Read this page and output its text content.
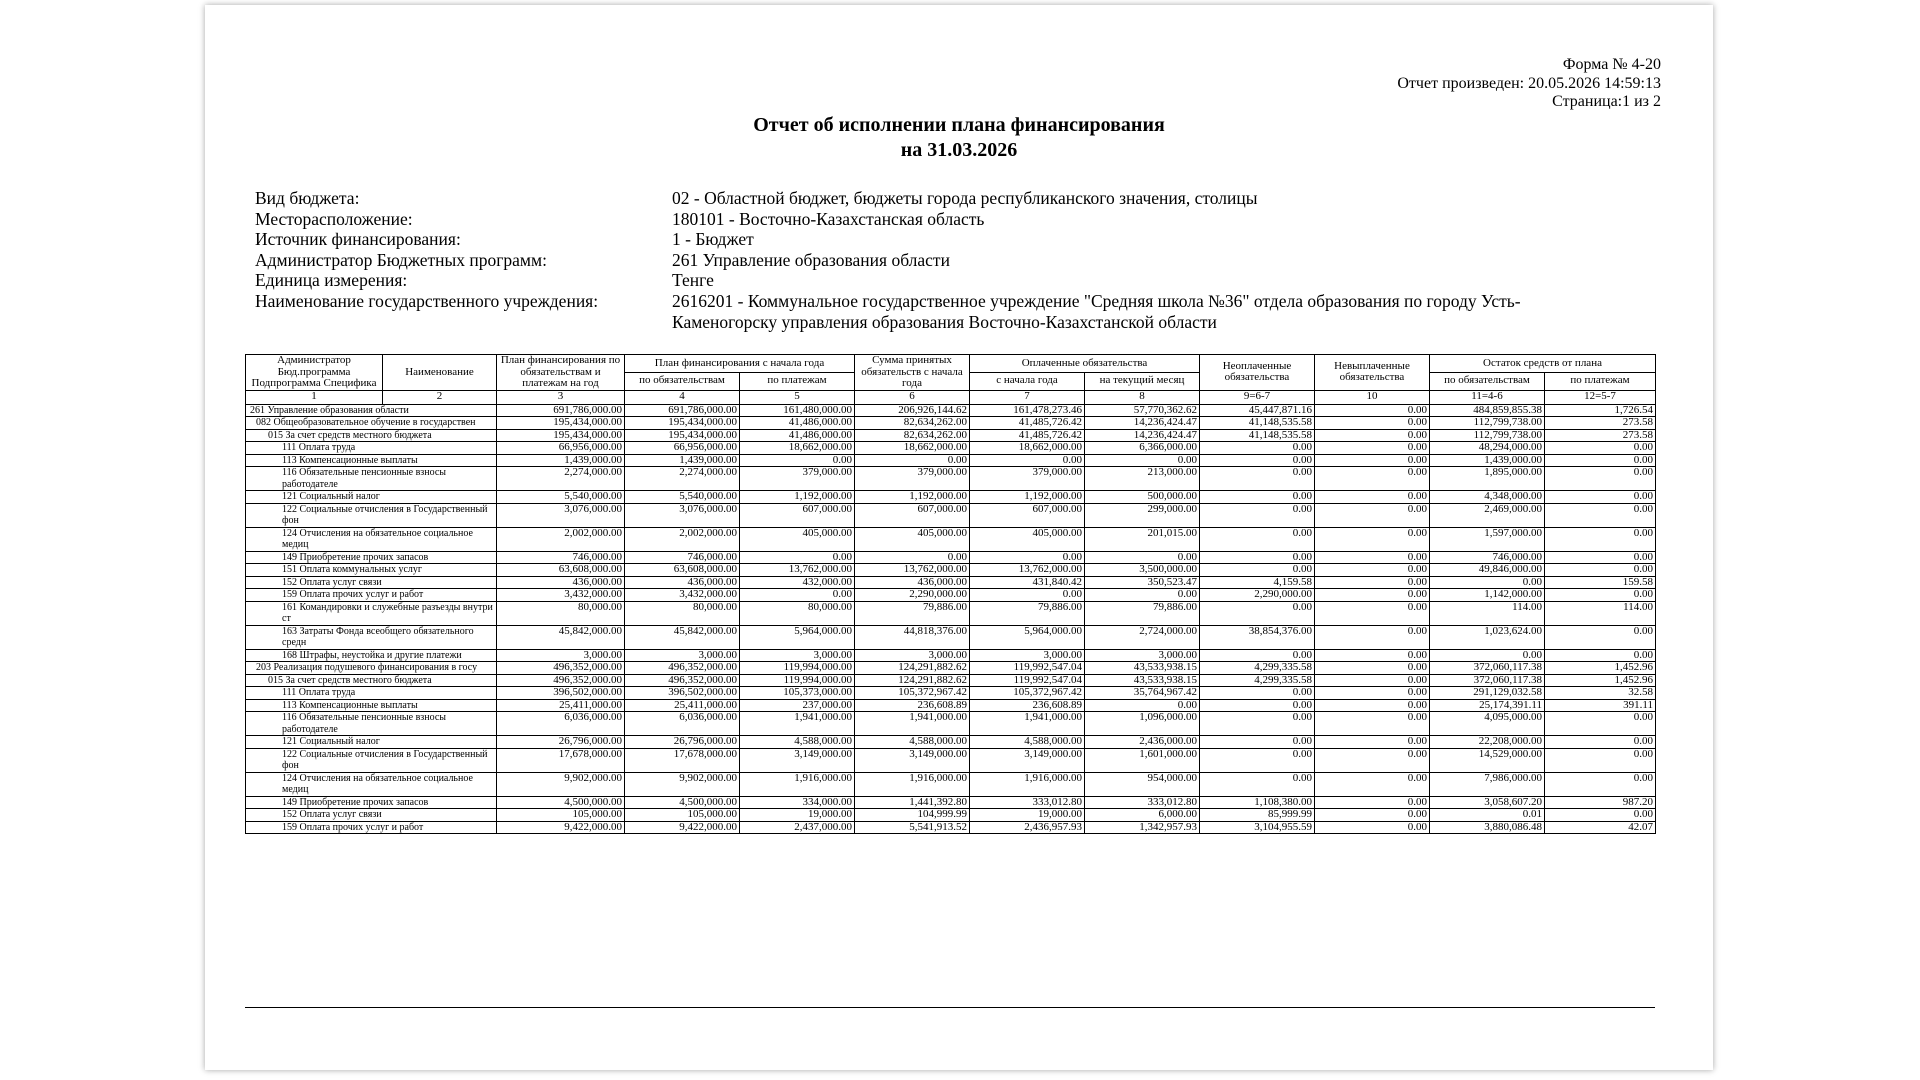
Форма № 4-20
Отчет произведен: 20.05.2026 14:59:13
Страница:1 из 2
Отчет об исполнении плана финансирования
на 31.03.2026
Вид бюджета:	02 - Областной бюджет, бюджеты города республиканского значения, столицы
Месторасположение:	180101 - Восточно-Казахстанская область
Источник финансирования:	1 - Бюджет
Администратор Бюджетных программ:	261 Управление образования области
Единица измерения:	Тенге
Наименование государственного учреждения:	2616201 - Коммунальное государственное учреждение "Средняя школа №36" отдела образования по городу Усть-Каменогорску управления образования Восточно-Казахстанской области
Администратор Бюд.программа Подпрограмма Специфика	Наименование	План финансирования по обязательствам и платежам на год	План финансирования с начала года		Сумма принятых обязательств с начала года	Оплаченные обязательства		Неоплаченные обязательства	Невыплаченные обязательства	Остаток средств от плана	
			по обязательствам	по платежам		с начала года	на текущий месяц			по обязательствам	по платежам
1	2	3	4	5	6	7	8	9=6-7	10	11=4-6	12=5-7
261 Управление образования области		691,786,000.00	691,786,000.00	161,480,000.00	206,926,144.62	161,478,273.46	57,770,362.62	45,447,871.16	0.00	484,859,855.38	1,726.54
082 Общеобразовательное обучение в государствен		195,434,000.00	195,434,000.00	41,486,000.00	82,634,262.00	41,485,726.42	14,236,424.47	41,148,535.58	0.00	112,799,738.00	273.58
015 За счет средств местного бюджета		195,434,000.00	195,434,000.00	41,486,000.00	82,634,262.00	41,485,726.42	14,236,424.47	41,148,535.58	0.00	112,799,738.00	273.58
111 Оплата труда		66,956,000.00	66,956,000.00	18,662,000.00	18,662,000.00	18,662,000.00	6,366,000.00	0.00	0.00	48,294,000.00	0.00
113 Компенсационные выплаты		1,439,000.00	1,439,000.00	0.00	0.00	0.00	0.00	0.00	0.00	1,439,000.00	0.00
116 Обязательные пенсионные взносы работодателе		2,274,000.00	2,274,000.00	379,000.00	379,000.00	379,000.00	213,000.00	0.00	0.00	1,895,000.00	0.00
121 Социальный налог		5,540,000.00	5,540,000.00	1,192,000.00	1,192,000.00	1,192,000.00	500,000.00	0.00	0.00	4,348,000.00	0.00
122 Социальные отчисления в Государственный фон		3,076,000.00	3,076,000.00	607,000.00	607,000.00	607,000.00	299,000.00	0.00	0.00	2,469,000.00	0.00
124 Отчисления на обязательное социальное медиц		2,002,000.00	2,002,000.00	405,000.00	405,000.00	405,000.00	201,015.00	0.00	0.00	1,597,000.00	0.00
149 Приобретение прочих запасов		746,000.00	746,000.00	0.00	0.00	0.00	0.00	0.00	0.00	746,000.00	0.00
151 Оплата коммунальных услуг		63,608,000.00	63,608,000.00	13,762,000.00	13,762,000.00	13,762,000.00	3,500,000.00	0.00	0.00	49,846,000.00	0.00
152 Оплата услуг связи		436,000.00	436,000.00	432,000.00	436,000.00	431,840.42	350,523.47	4,159.58	0.00	0.00	159.58
159 Оплата прочих услуг и работ		3,432,000.00	3,432,000.00	0.00	2,290,000.00	0.00	0.00	2,290,000.00	0.00	1,142,000.00	0.00
161 Командировки и служебные разъезды внутри ст		80,000.00	80,000.00	80,000.00	79,886.00	79,886.00	79,886.00	0.00	0.00	114.00	114.00
163 Затраты Фонда всеобщего обязательного средн		45,842,000.00	45,842,000.00	5,964,000.00	44,818,376.00	5,964,000.00	2,724,000.00	38,854,376.00	0.00	1,023,624.00	0.00
168 Штрафы, неустойка и другие платежи		3,000.00	3,000.00	3,000.00	3,000.00	3,000.00	3,000.00	0.00	0.00	0.00	0.00
203 Реализация подушевого финансирования в госу		496,352,000.00	496,352,000.00	119,994,000.00	124,291,882.62	119,992,547.04	43,533,938.15	4,299,335.58	0.00	372,060,117.38	1,452.96
015 За счет средств местного бюджета		496,352,000.00	496,352,000.00	119,994,000.00	124,291,882.62	119,992,547.04	43,533,938.15	4,299,335.58	0.00	372,060,117.38	1,452.96
111 Оплата труда		396,502,000.00	396,502,000.00	105,373,000.00	105,372,967.42	105,372,967.42	35,764,967.42	0.00	0.00	291,129,032.58	32.58
113 Компенсационные выплаты		25,411,000.00	25,411,000.00	237,000.00	236,608.89	236,608.89	0.00	0.00	0.00	25,174,391.11	391.11
116 Обязательные пенсионные взносы работодателе		6,036,000.00	6,036,000.00	1,941,000.00	1,941,000.00	1,941,000.00	1,096,000.00	0.00	0.00	4,095,000.00	0.00
121 Социальный налог		26,796,000.00	26,796,000.00	4,588,000.00	4,588,000.00	4,588,000.00	2,436,000.00	0.00	0.00	22,208,000.00	0.00
122 Социальные отчисления в Государственный фон		17,678,000.00	17,678,000.00	3,149,000.00	3,149,000.00	3,149,000.00	1,601,000.00	0.00	0.00	14,529,000.00	0.00
124 Отчисления на обязательное социальное медиц		9,902,000.00	9,902,000.00	1,916,000.00	1,916,000.00	1,916,000.00	954,000.00	0.00	0.00	7,986,000.00	0.00
149 Приобретение прочих запасов		4,500,000.00	4,500,000.00	334,000.00	1,441,392.80	333,012.80	333,012.80	1,108,380.00	0.00	3,058,607.20	987.20
152 Оплата услуг связи		105,000.00	105,000.00	19,000.00	104,999.99	19,000.00	6,000.00	85,999.99	0.00	0.01	0.00
159 Оплата прочих услуг и работ		9,422,000.00	9,422,000.00	2,437,000.00	5,541,913.52	2,436,957.93	1,342,957.93	3,104,955.59	0.00	3,880,086.48	42.07
